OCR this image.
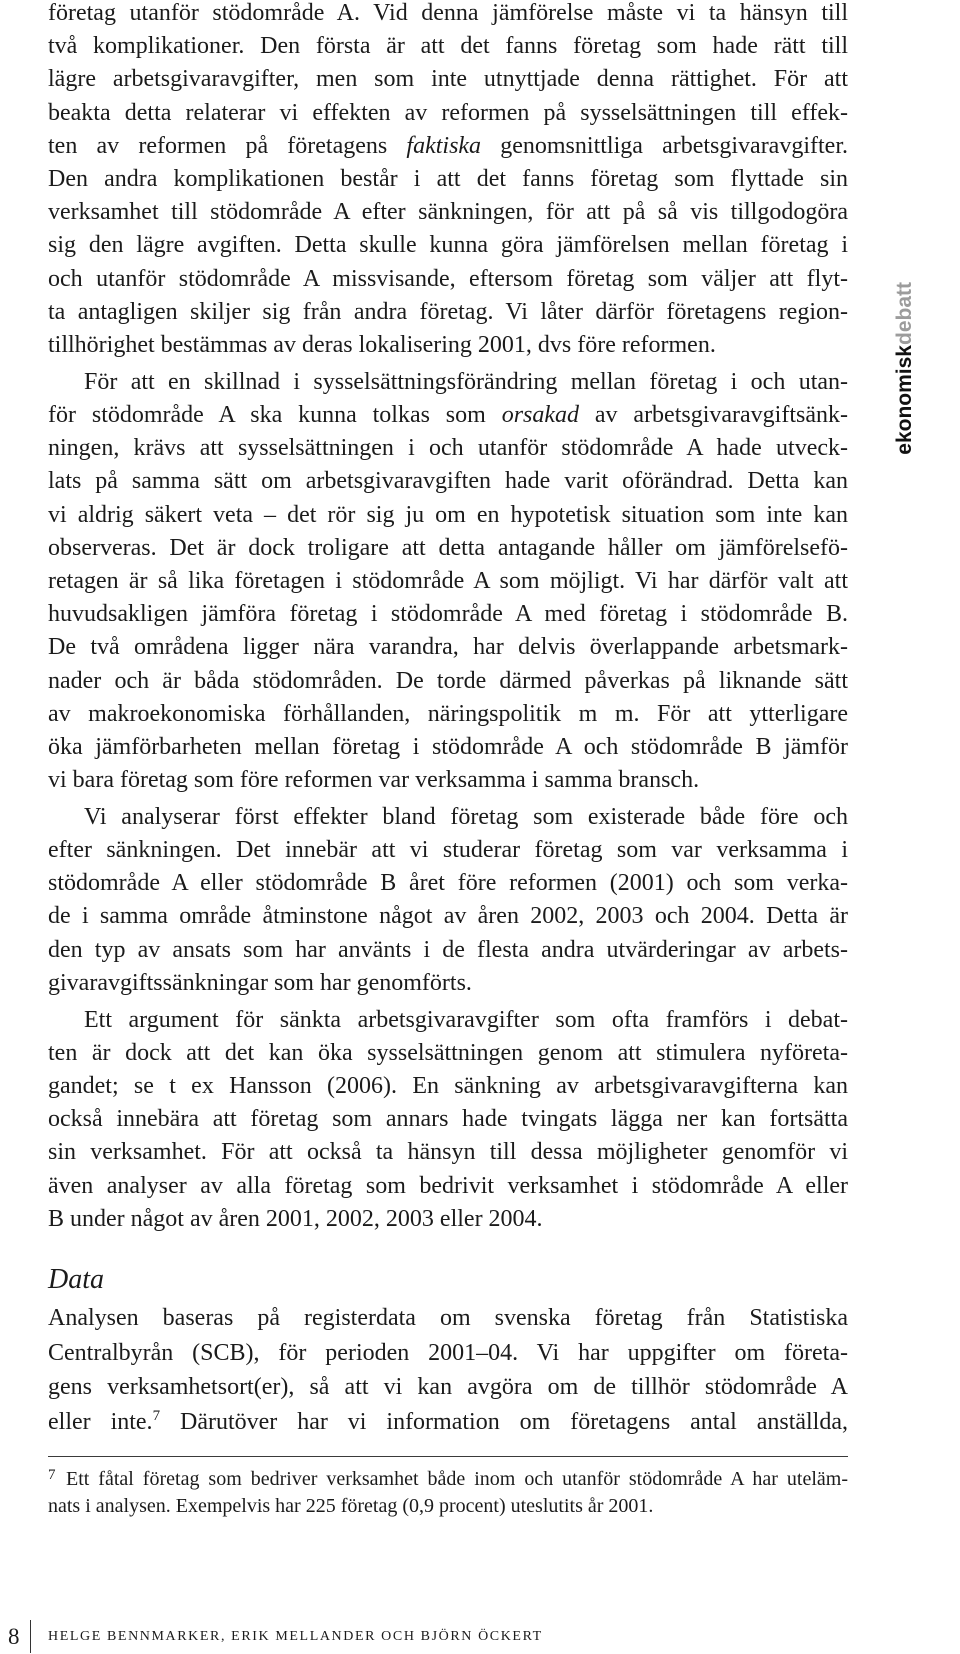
ekonomiskdebatt
företag utanför stödområde A. Vid denna jämförelse måste vi ta hänsyn till
två komplikationer. Den första är att det fanns företag som hade rätt till
lägre arbetsgivaravgifter, men som inte utnyttjade denna rättighet. För att
beakta detta relaterar vi effekten av reformen på sysselsättningen till effek-
ten av reformen på företagens faktiska genomsnittliga arbetsgivaravgifter.
Den andra komplikationen består i att det fanns företag som flyttade sin
verksamhet till stödområde A efter sänkningen, för att på så vis tillgodogöra
sig den lägre avgiften. Detta skulle kunna göra jämförelsen mellan företag i
och utanför stödområde A missvisande, eftersom företag som väljer att flyt-
ta antagligen skiljer sig från andra företag. Vi låter därför företagens region-
tillhörighet bestämmas av deras lokalisering 2001, dvs före reformen.
För att en skillnad i sysselsättningsförändring mellan företag i och utan-
för stödområde A ska kunna tolkas som orsakad av arbetsgivaravgiftsänk-
ningen, krävs att sysselsättningen i och utanför stödområde A hade utveck-
lats på samma sätt om arbetsgivaravgiften hade varit oförändrad. Detta kan
vi aldrig säkert veta – det rör sig ju om en hypotetisk situation som inte kan
observeras. Det är dock troligare att detta antagande håller om jämförelsefö-
retagen är så lika företagen i stödområde A som möjligt. Vi har därför valt att
huvudsakligen jämföra företag i stödområde A med företag i stödområde B.
De två områdena ligger nära varandra, har delvis överlappande arbetsmark-
nader och är båda stödområden. De torde därmed påverkas på liknande sätt
av makroekonomiska förhållanden, näringspolitik m m. För att ytterligare
öka jämförbarheten mellan företag i stödområde A och stödområde B jämför
vi bara företag som före reformen var verksamma i samma bransch.
Vi analyserar först effekter bland företag som existerade både före och
efter sänkningen. Det innebär att vi studerar företag som var verksamma i
stödområde A eller stödområde B året före reformen (2001) och som verka-
de i samma område åtminstone något av åren 2002, 2003 och 2004. Detta är
den typ av ansats som har använts i de flesta andra utvärderingar av arbets-
givaravgiftssänkningar som har genomförts.
Ett argument för sänkta arbetsgivaravgifter som ofta framförs i debat-
ten är dock att det kan öka sysselsättningen genom att stimulera nyföreta-
gandet; se t ex Hansson (2006). En sänkning av arbetsgivaravgifterna kan
också innebära att företag som annars hade tvingats lägga ner kan fortsätta
sin verksamhet. För att också ta hänsyn till dessa möjligheter genomför vi
även analyser av alla företag som bedrivit verksamhet i stödområde A eller
B under något av åren 2001, 2002, 2003 eller 2004.
Data
Analysen baseras på registerdata om svenska företag från Statistiska
Centralbyrån (SCB), för perioden 2001–04. Vi har uppgifter om företa-
gens verksamhetsort(er), så att vi kan avgöra om de tillhör stödområde A
eller inte.$^7$ Därutöver har vi information om företagens antal anställda,
7 Ett fåtal företag som bedriver verksamhet både inom och utanför stödområde A har uteläm-
nats i analysen. Exempelvis har 225 företag (0,9 procent) uteslutits år 2001.
8 HELGE BENNMARKER, ERIK MELLANDER OCH BJÖRN ÖCKERT
